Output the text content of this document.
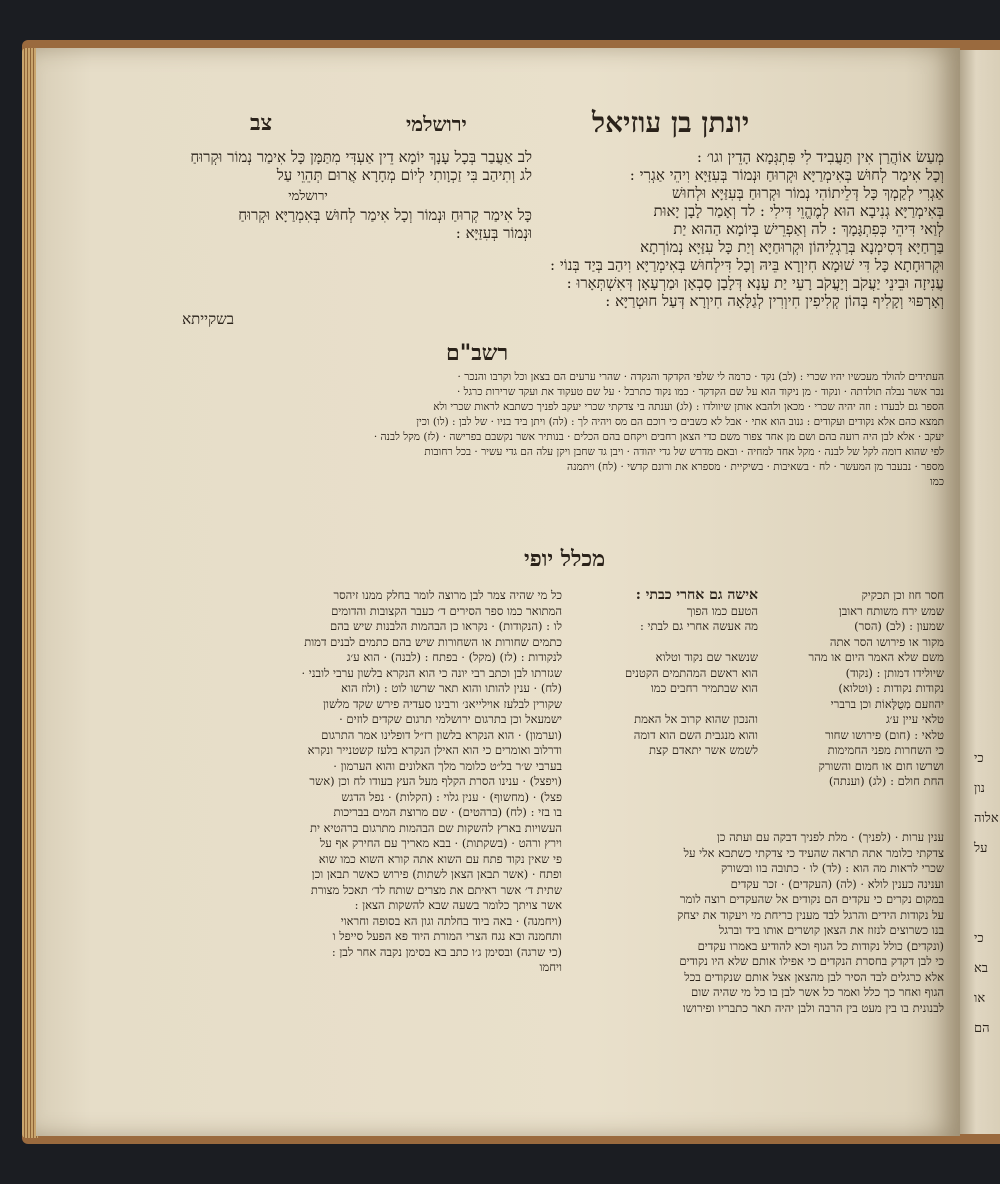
כי
נון
אלוה
על
כי
בא
או
הם
צב	ירושלמי	יונתן בן עוזיאל
מְעַשׂ אוֹהֲרַן אִין תַּעֲבִיד לִי פִּתְגְּמָא הָדֵין וגו׳ :
וְכָל אִימַר לְחוּשׁ בְּאִימְרַיָּא וּקְרוּחַ וּנְמוֹר בְּעִזַּיָּא וִיהֵי אַגְרִי :
אַגְרִי לְקַמְךְ כָּל דְּלֵיתוֹהִי נְמוֹר וּקְרוּחַ בְּעִזַּיָּא וּלְחוּשׁ
בְּאִימְרַיָּא גְנִיבָא הוּא לְמֶהֱוֵי דִּילִי : לד וְאָמַר לָבָן יָאוּת
לְוַאי דִּיהֵי כְּפִתְגָּמָךְ : לה וְאַפְרֵישׁ בְּיוֹמָא הַהוּא יַת
בַּרְחַיָּא דְּסִימְנָא בְּרַגְלֵיהוֹן וּקְרוּחַיָּא וְיַת כָּל עִזַּיָּא נְמוֹרְתָא
וּקְרוּחָתָא כָּל דִּי שׁוּמָא חִיוְרָא בֵּיהּ וְכָל דִּילְחוּשׁ בְּאִימְרַיָּא וִיהַב בְּיַד בְּנוֹי :
עֲנִיזָה וּבֵינֵי יַעֲקֹב וְיַעֲקֹב רָעֵי יַת עָנָא דְּלָבָן סַבְאָן וּמַרְעָאָן דְּאִשְׁתְּאָרוּ :
וְאָרְפּוּי וְקָלִיף בְּהוֹן קְלִיפִין חִיוְרִין לְגַלָּאָה חִיוְרָא דְּעַל חוּטְרַיָּא :
לב אַעֲבַר בְּכָל עָנָךְ יוֹמָא דֵין אַעְדִּי מִתַּמָּן כָּל אִימַר נְמוֹר וּקְרוּחַ
לג וְתִיהַב בִּי זַכְוָותִי לְיוֹם מְחָרָא אֲרוּם תְּהֵוֵי עַל
ירושלמי
כָּל אִימַר קְרוּחַ וּנְמוֹר וְכָל אִימַר לְחוּשׁ בְּאִמְרַיָּא וּקְרוּחַ
וּנְמוֹר בְּעִזַּיָּא :
בשקייתא
רשב"ם
העתידים להולד מעכשיו יהיו שכרי : (לב) נקד · כרמה לי שלפי הקדקד והנקדה · שהרי ערעים הם בצאן וכל וקרבו והנכר ·
נכר אשר נבלה תולדתה · ונקוד · מן ניקוד הוא על שם הקדקד · כמו נקוד כתרבל · על שם טעקוד את ועקד שרירות כרגל ·
הספר גם לבעדו : וזה יהיה שכרי · מכאן ולהבא אותן שיוולדו : (לג) וענתה בי צדקתי שכרי יעקב לפניך כשתבא לראות שכרי ולא
תמצא כהם אלא נקודים ועקודים : גנוב הוא אתי · אבל לא כשבים כי רוכם הם מס ויהיה לך : (לה) ויתן ביד בניו · של לבן : (לו) וכין
יעקב · אלא לבן היה רועה בהם ושם מן אחד צפור משם כדי הצאן רחבים ויקחם בהם הכלים · בנותיר אשר נקשבם בפרישה · (לז) מקל לבנה ·
לפי שהוא דומה לקל של לבנה · מקל אחד למחיה · ובאם מדרש של גדי יהודה · ויבן גד שחבן ויקן עלה הם גדי עשיר · בכל רחובות
מספר · נבעבר מן המעשר · לח · בשאיבות · בשיקיית · מספרא את ורונם קדשי · (לח) ויתמנה
כמו
מכלל יופי
חסר חוז וכן תכקיק
שמש ירח משותח ראובן
שמעון : (לב) (הסר)
מקור או פירושו הסר אתה
משם שלא האמר היום או מהר
שיולידו דמותן : (נקוד)
נקודות נקודות : (וטלוא)
יהוזעם מְטֻלָּאוֹת וכן ברברי
טלאי עיין ע׳ג
טלאי : (חום) פירושו שחור
כי השחרות מפני החמימות
ושרשו חום או חמום והשורק
החת חולם : (לג) (וענתה)
אישה גם אחרי כבתי :
הטעם כמו הפוך
מה אעשה אחרי גם לבתי :

שנשאר שם נקוד וטלוא
הוא ראשם המהתמים הקטנים
הוא שבתמיר רחבים כמו

והנכון שהוא קרוב אל האמת
והוא מנגבית השם הוא דומה
לשמש אשר יתאדם קצת
כל מי שהיה צמר לבן מרוצה לומר בחלק ממנו זיהסר
המתואר כמו ספר הסירים ד׳ כעבר הקצובות והדומים
לו : (הנקודות) · נקראו כן הבהמות הלבנות שיש בהם
כתמים שחורות או השחורות שיש בהם כתמים לבנים דמות
לנקודות : (לז) (מקל) · בפתח : (לבנה) · הוא ע׳ג
שגזרתו לבן וכתב רבי יונה כי הוא הנקרא בלשון ערבי לובני ·
(לח) · ענין להותו והוא תאר שרשו לוט : (ולוז הוא
שקורין לבלעז אוילייאנ׳ ורבינו סעדיה פירש שקד מלשון
ישמעאל וכן בתרגום ירושלמי תרגום שקדים לוזים ·
(וערמון) · הוא הנקרא בלשון רז״ל דופלינו אמר התרגום
ודרלוב ואומרים כי הוא האילן הנקרא בלעז קשטנייר ונקרא
בערבי ש׳ר בל״ט כלומר מלך האלונים והוא הערמון ·
(ויפצל) · ענינו הסרת הקלף מעל העץ בעודו לח וכן (אשר
פצל) · (מחשוף) · ענין גלוי : (הקלות) · נפל הדגש
בו בזי : (לח) (ברהטים) · שם מרוצת המים בבריכות
העשויות בארץ להשקות שם הבהמות מתרגום ברהטיא ית
וירץ ורהט · (בשקתות) · בבא מאריך עם החירק אף על
פי שאין נקוד פתח עם השוא אתה קורא השוא כמו שוא
ופתח · (אשר תבאן הצאן לשתות) פירוש כאשר תבאן וכן
שתית ד׳ אשר ראיתם את מצרים שותח לד׳ תאכל מצורת
אשר צויתך כלומר בשעה שבא להשקות הצאן :
(ויחמנה) · באה ביוד בחלתה וגון הא בסופה וחראוי
ותחמנה ובא נגח הצרי המורת היוד פא הפעל סייפל ו
(כי שרגה) ובסימן ג׳ו כתב בא בסימן נקבה אחר לבן :
ויחמו
ענין ערות · (לפניך) · מלת לפניך דבקה עם ועתה כן
צדקתי כלומר אתה תראה שהעיד כי צדקתי כשתבא אלי על
שכרי לראות מה הוא : (לד) לו · כתובה בוו ובשורק
וענינה כענין לולא · (לה) (העקדים) · זכר עקדים
במקום נקרים כי עקדים הם נקודים אל שהעקדים רוצה לומר
על נקודות הידים והרגל לבד מענין כריחת מי ויעקוד את יצחק
בנו כשרוצים לנזוז את הצאן קושרים אותו ביד וברגל
(ונקדים) כולל נקודות כל הגוף וכא להודיע באמרו עקדים
כי לבן דקדק בחסרת הנקדים כי אפילו אותם שלא היו נקודים
אלא כרגלים לבד הסיר לבן מהצאן אצל אותם שנקודים בכל
הגוף ואחר כך כלל ואמר כל אשר לבן בו כל מי שהיה שום
לבנונית בו בין מעט בין הרבה ולבן יהיה תאר כתבריו ופירושו
